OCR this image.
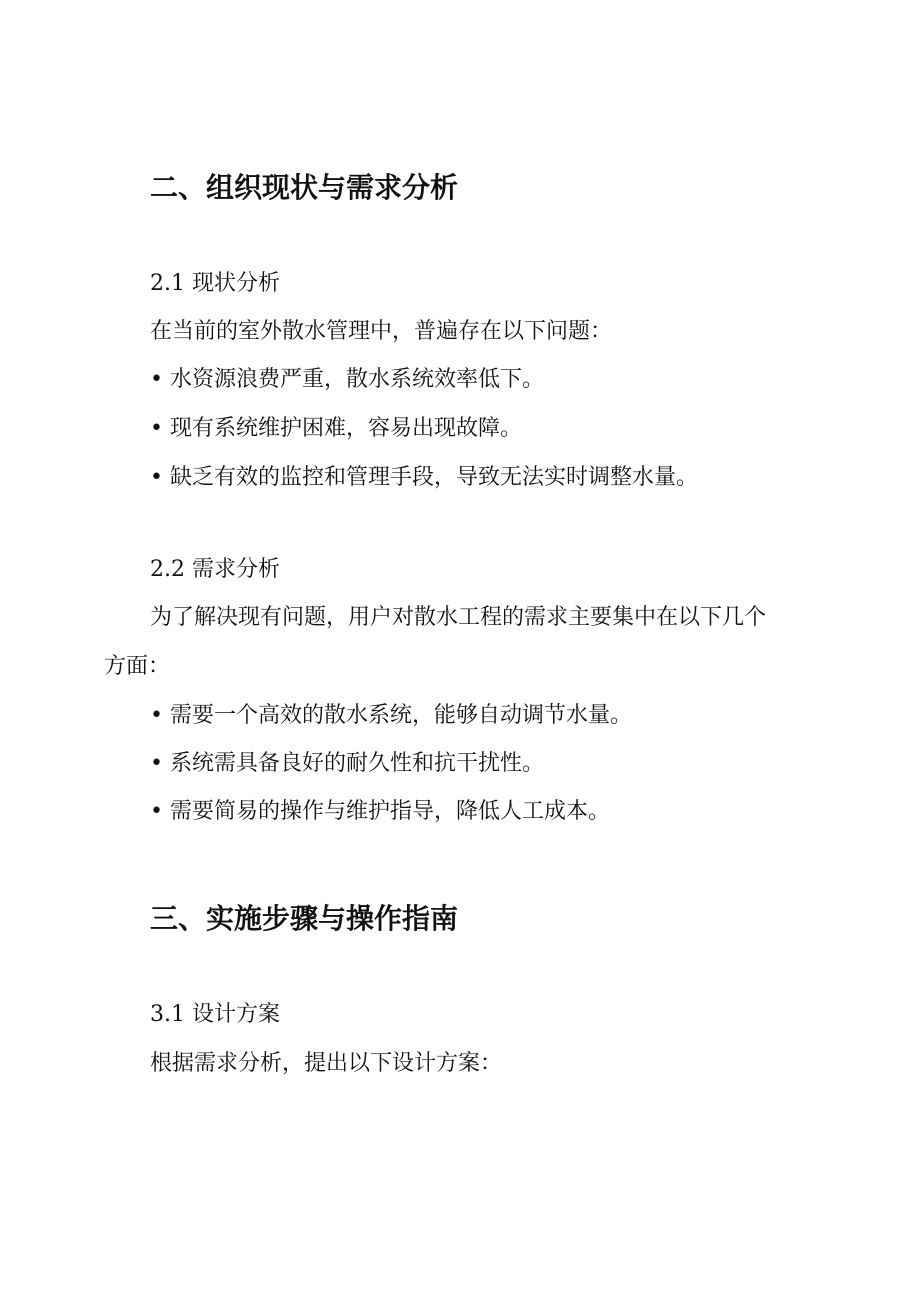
二、组织现状与需求分析
2.1 现状分析
在当前的室外散水管理中，普遍存在以下问题：
• 水资源浪费严重，散水系统效率低下。
• 现有系统维护困难，容易出现故障。
• 缺乏有效的监控和管理手段，导致无法实时调整水量。
2.2 需求分析
为了解决现有问题，用户对散水工程的需求主要集中在以下几个
方面：
• 需要一个高效的散水系统，能够自动调节水量。
• 系统需具备良好的耐久性和抗干扰性。
• 需要简易的操作与维护指导，降低人工成本。
三、实施步骤与操作指南
3.1 设计方案
根据需求分析，提出以下设计方案：
